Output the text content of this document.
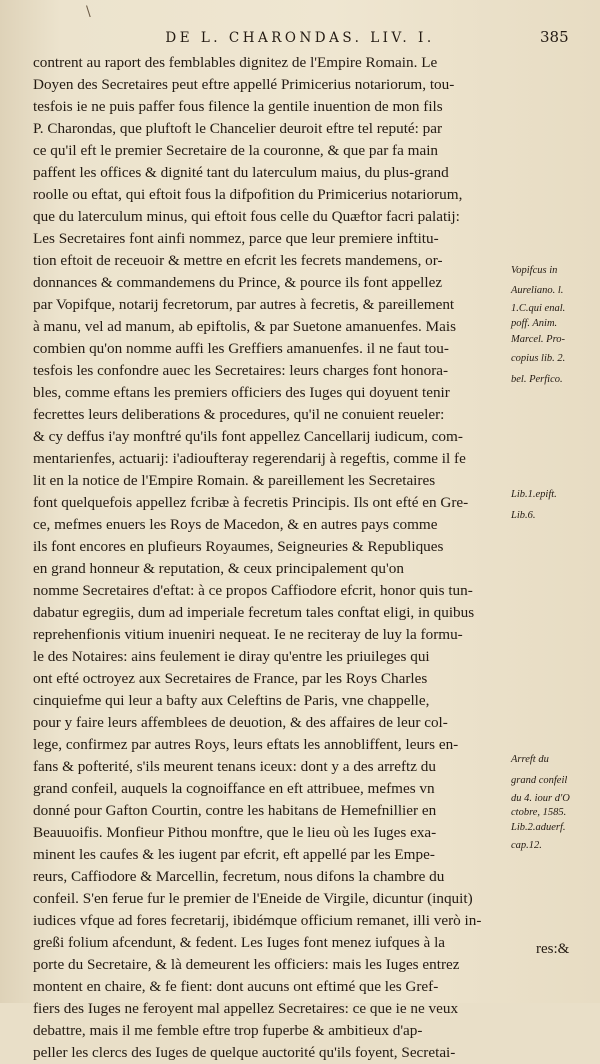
\
DE L. CHARONDAS. LIV. I.	385
contrent au raport des femblables dignitez de l'Empire Romain. Le
Doyen des Secretaires peut eftre appellé Primicerius notariorum, tou-
tesfois ie ne puis paffer fous filence la gentile inuention de mon fils
P. Charondas, que pluftoft le Chancelier deuroit eftre tel reputé: par
ce qu'il eft le premier Secretaire de la couronne, & que par fa main
paffent les offices & dignité tant du laterculum maius, du plus-grand
roolle ou eftat, qui eftoit fous la difpofition du Primicerius notariorum,
que du laterculum minus, qui eftoit fous celle du Quæftor facri palatij:
Les Secretaires font ainfi nommez, parce que leur premiere inftitu-
tion eftoit de receuoir & mettre en efcrit les fecrets mandemens, or-
donnances & commandemens du Prince, & pource ils font appellez
par Vopifque, notarij fecretorum, par autres à fecretis, & pareillement
à manu, vel ad manum, ab epiftolis, & par Suetone amanuenfes. Mais
combien qu'on nomme auffi les Greffiers amanuenfes. il ne faut tou-
tesfois les confondre auec les Secretaires: leurs charges font honora-
bles, comme eftans les premiers officiers des Iuges qui doyuent tenir
fecrettes leurs deliberations & procedures, qu'il ne conuient reueler:
& cy deffus i'ay monftré qu'ils font appellez Cancellarij iudicum, com-
mentarienfes, actuarij: i'adioufteray regerendarij à regeftis, comme il fe
lit en la notice de l'Empire Romain. & pareillement les Secretaires
font quelquefois appellez fcribæ à fecretis Principis. Ils ont efté en Gre-
ce, mefmes enuers les Roys de Macedon, & en autres pays comme
ils font encores en plufieurs Royaumes, Seigneuries & Republiques
en grand honneur & reputation, & ceux principalement qu'on
nomme Secretaires d'eftat: à ce propos Caffiodore efcrit, honor quis tun-
dabatur egregiis, dum ad imperiale fecretum tales conftat eligi, in quibus
reprehenfionis vitium inueniri nequeat. Ie ne reciteray de luy la formu-
le des Notaires: ains feulement ie diray qu'entre les priuileges qui
ont efté octroyez aux Secretaires de France, par les Roys Charles
cinquiefme qui leur a bafty aux Celeftins de Paris, vne chappelle,
pour y faire leurs affemblees de deuotion, & des affaires de leur col-
lege, confirmez par autres Roys, leurs eftats les annobliffent, leurs en-
fans & pofterité, s'ils meurent tenans iceux: dont y a des arreftz du
grand confeil, auquels la cognoiffance en eft attribuee, mefmes vn
donné pour Gafton Courtin, contre les habitans de Hemefnillier en
Beauuoifis. Monfieur Pithou monftre, que le lieu où les Iuges exa-
minent les caufes & les iugent par efcrit, eft appellé par les Empe-
reurs, Caffiodore & Marcellin, fecretum, nous difons la chambre du
confeil. S'en ferue fur le premier de l'Eneide de Virgile, dicuntur (inquit)
iudices vfque ad fores fecretarij, ibidémque officium remanet, illi verò in-
greßi folium afcendunt, & fedent. Les Iuges font menez iufques à la
porte du Secretaire, & là demeurent les officiers: mais les Iuges entrez
montent en chaire, & fe fient: dont aucuns ont eftimé que les Gref-
fiers des Iuges ne feroyent mal appellez Secretaires: ce que ie ne veux
debattre, mais il me femble eftre trop fuperbe & ambitieux d'ap-
peller les clercs des Iuges de quelque auctorité qu'ils foyent, Secretai-
Vopifcus in
Aureliano. l.
1.C.qui enal.
poff. Anim.
Marcel. Pro-
copius lib. 2.
bel. Perfico.
Lib.1.epift.
Lib.6.
Arreft du
grand confeil
du 4. iour d'O
ctobre, 1585.
Lib.2.aduerf.
cap.12.
res:&
